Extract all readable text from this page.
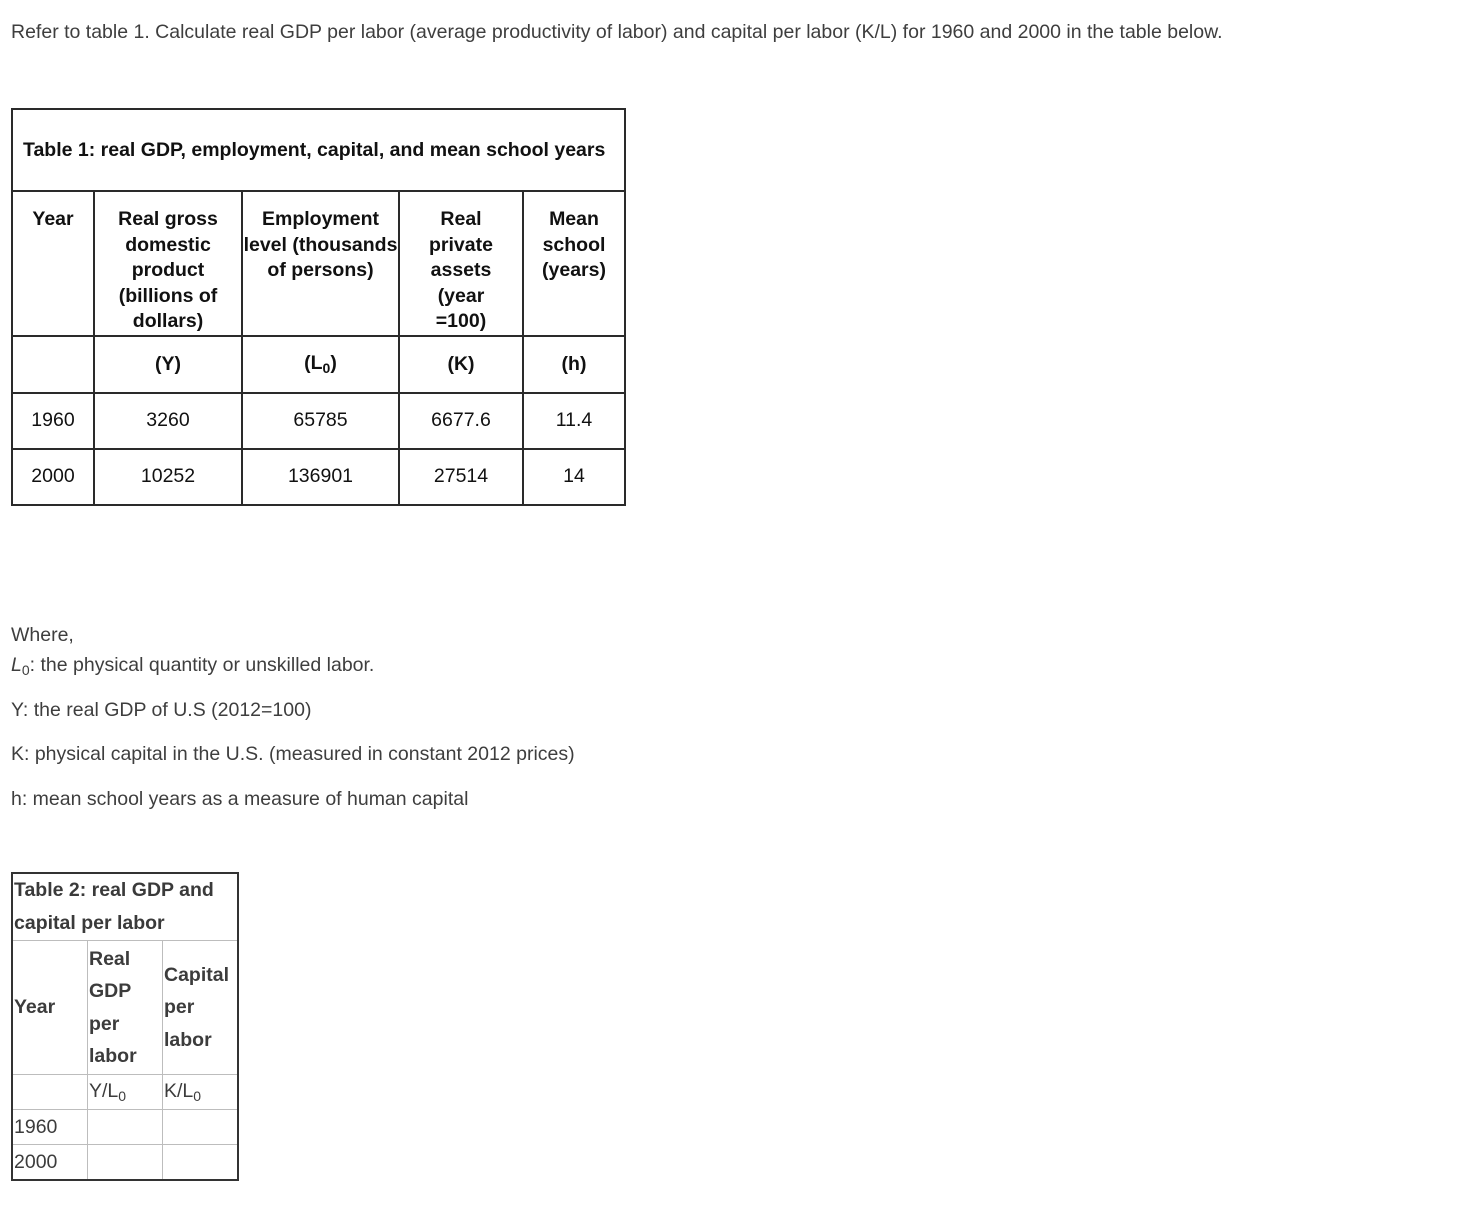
Refer to table 1. Calculate real GDP per labor (average productivity of labor) and capital per labor (K/L) for 1960 and 2000 in the table below.
Table 1: real GDP, employment, capital, and mean school years				
Year	Real gross domestic product (billions of dollars)	Employment level (thousands of persons)	Real private assets (year =100)	Mean school (years)
	(Y)	$(L_0)$	(K)	(h)
1960	3260	65785	6677.6	11.4
2000	10252	136901	27514	14
Where,
$L_0$: the physical quantity or unskilled labor.
Y: the real GDP of U.S (2012=100)
K: physical capital in the U.S. (measured in constant 2012 prices)
h: mean school years as a measure of human capital
Table 2: real GDP and capital per labor		

Year	Real GDP per labor	Capital per labor

	$Y/L_0$	$K/L_0$
1960		
2000		
